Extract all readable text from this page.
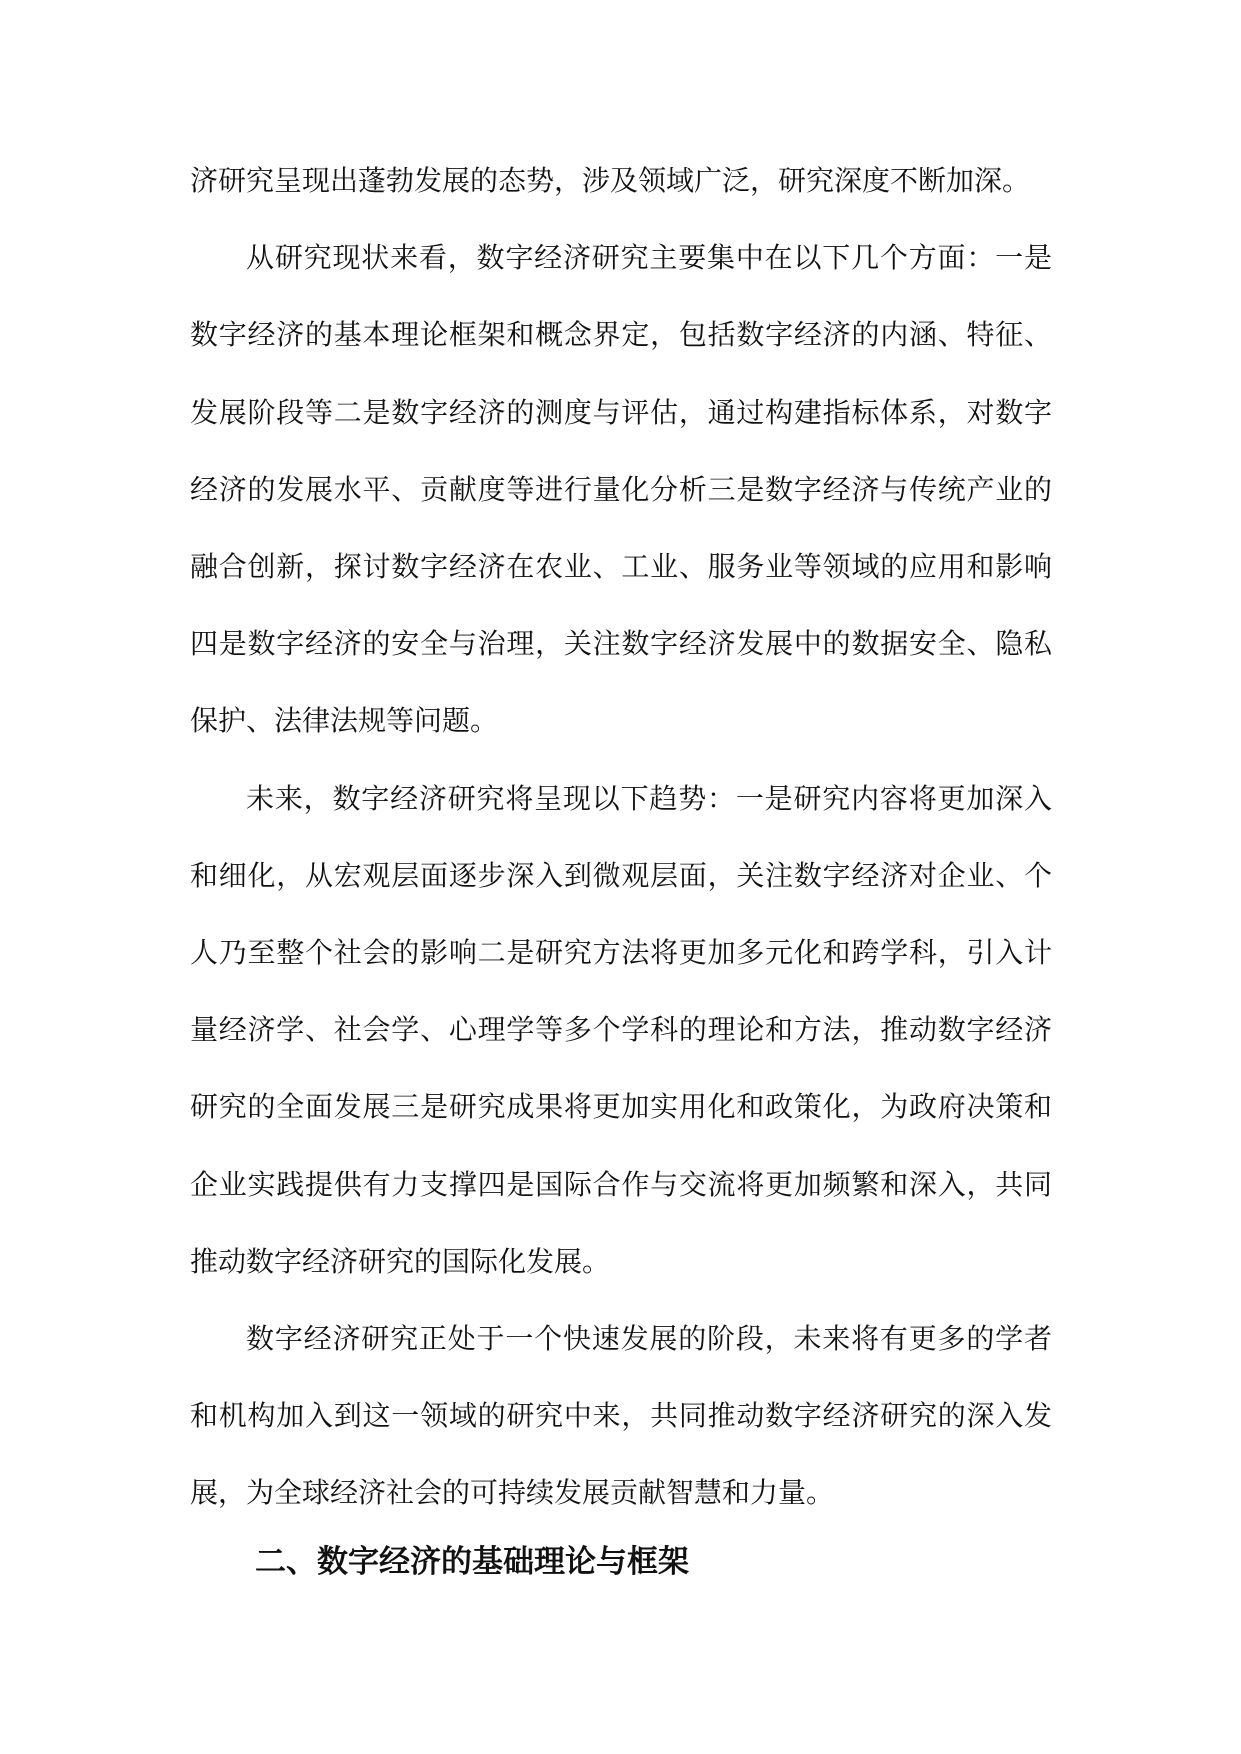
济研究呈现出蓬勃发展的态势，涉及领域广泛，研究深度不断加深。

从研究现状来看，数字经济研究主要集中在以下几个方面：一是数字经济的基本理论框架和概念界定，包括数字经济的内涵、特征、发展阶段等二是数字经济的测度与评估，通过构建指标体系，对数字经济的发展水平、贡献度等进行量化分析三是数字经济与传统产业的融合创新，探讨数字经济在农业、工业、服务业等领域的应用和影响四是数字经济的安全与治理，关注数字经济发展中的数据安全、隐私保护、法律法规等问题。

未来，数字经济研究将呈现以下趋势：一是研究内容将更加深入和细化，从宏观层面逐步深入到微观层面，关注数字经济对企业、个人乃至整个社会的影响二是研究方法将更加多元化和跨学科，引入计量经济学、社会学、心理学等多个学科的理论和方法，推动数字经济研究的全面发展三是研究成果将更加实用化和政策化，为政府决策和企业实践提供有力支撑四是国际合作与交流将更加频繁和深入，共同推动数字经济研究的国际化发展。

数字经济研究正处于一个快速发展的阶段，未来将有更多的学者和机构加入到这一领域的研究中来，共同推动数字经济研究的深入发展，为全球经济社会的可持续发展贡献智慧和力量。

二、数字经济的基础理论与框架
